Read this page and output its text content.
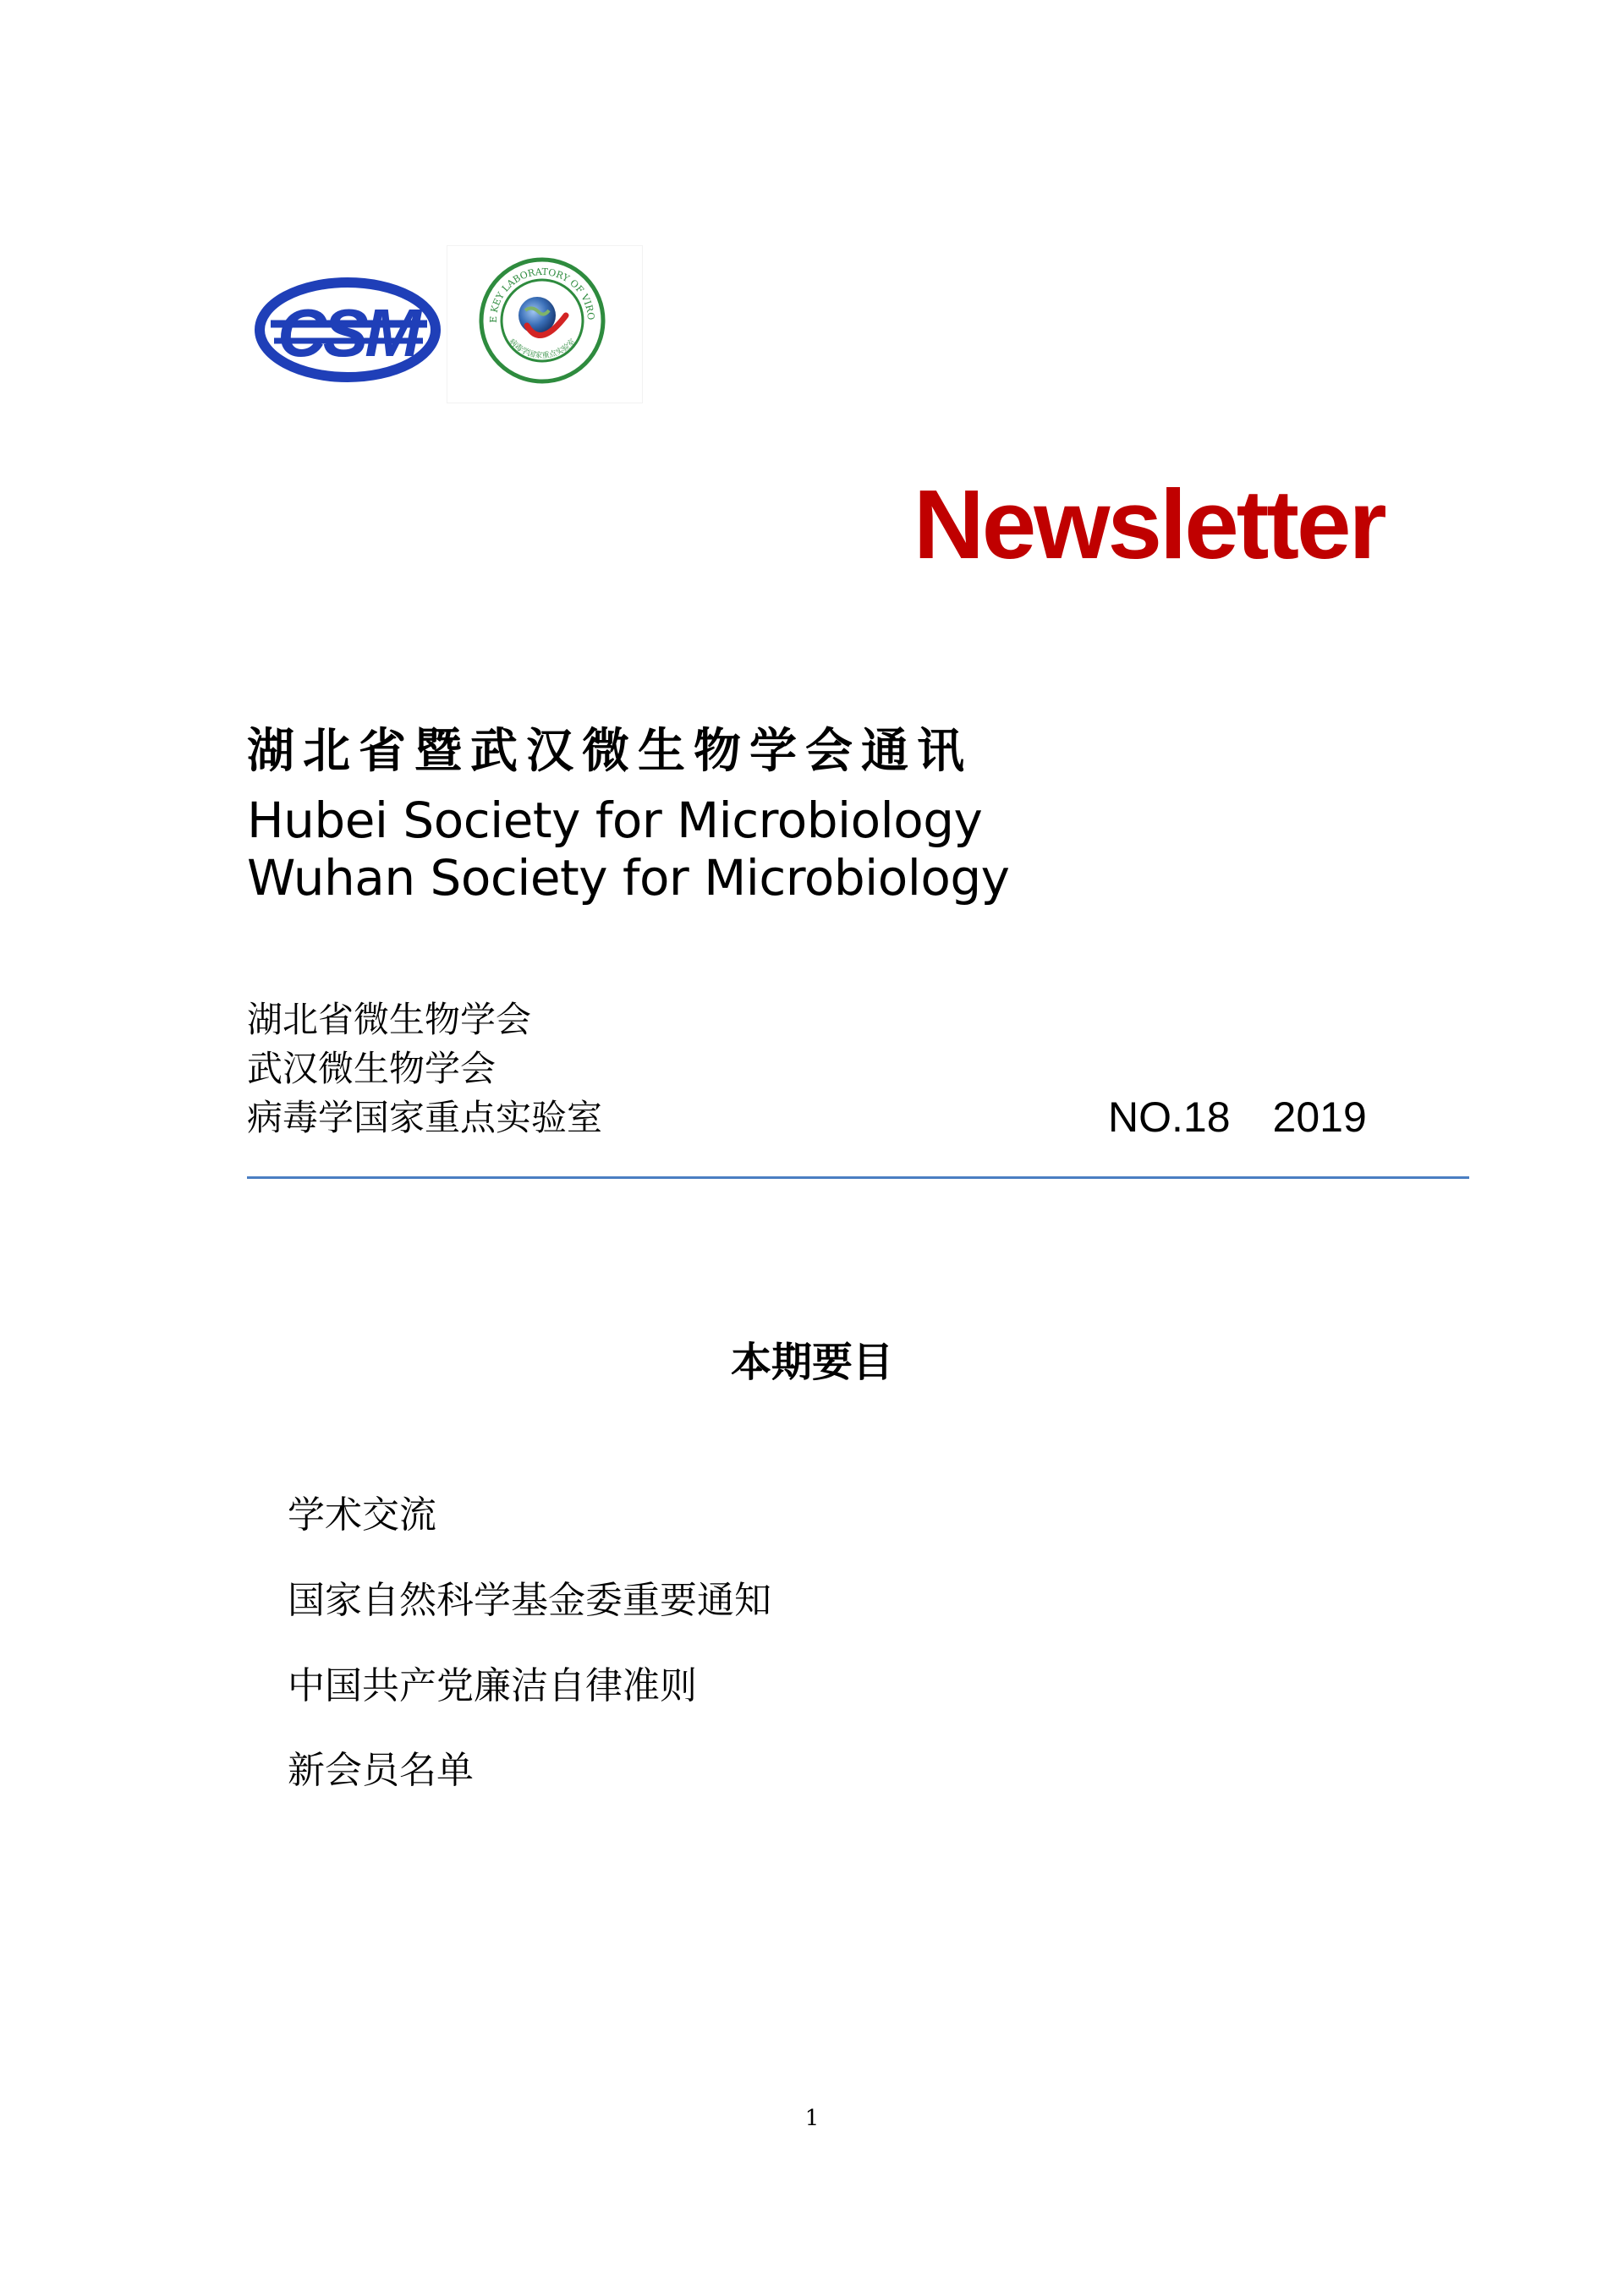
CSM	E KEY LABORATORY OF VIRO
病毒学国家重点实验室
Newsletter
湖北省暨武汉微生物学会通讯
Hubei Society for Microbiology
Wuhan Society for Microbiology
湖北省微生物学会
武汉微生物学会
病毒学国家重点实验室	NO.18 2019
本期要目
学术交流
国家自然科学基金委重要通知
中国共产党廉洁自律准则
新会员名单
1
